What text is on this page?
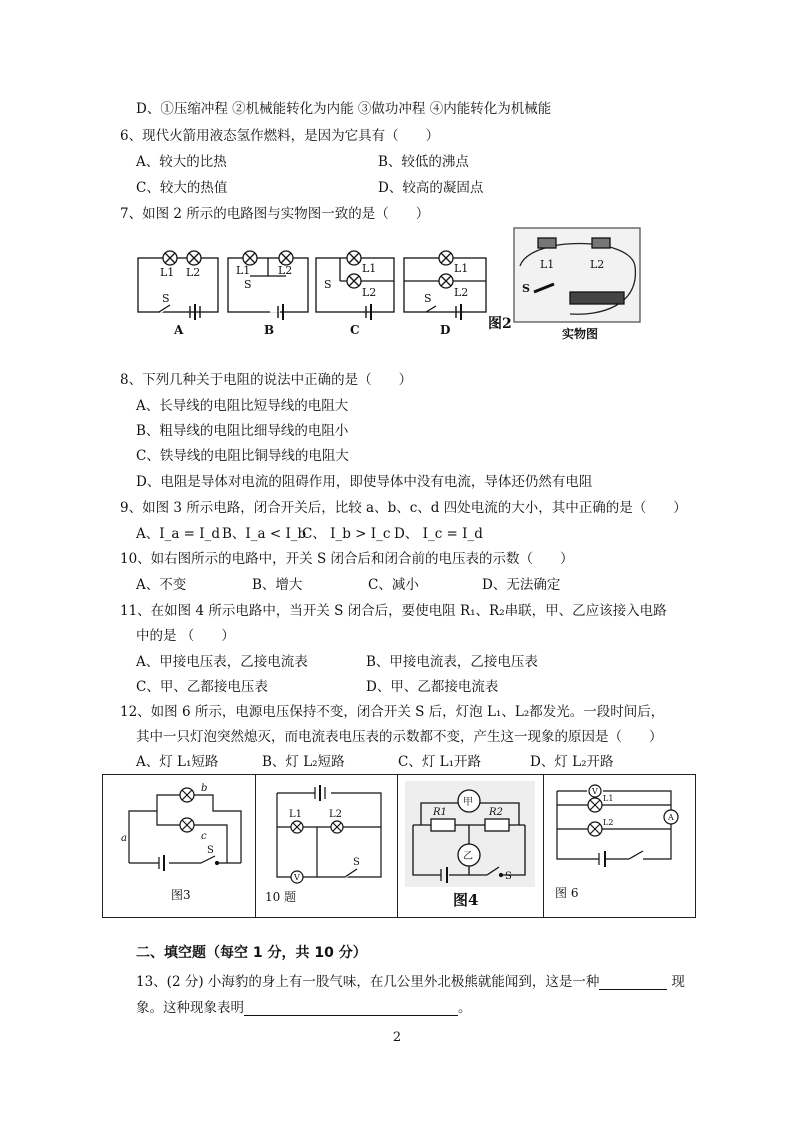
D、①压缩冲程 ②机械能转化为内能 ③做功冲程 ④内能转化为机械能
6、现代火箭用液态氢作燃料，是因为它具有（　　）
A、较大的比热	B、较低的沸点
C、较大的热值	D、较高的凝固点
7、如图 2 所示的电路图与实物图一致的是（　　）
L1 L2
S
L1	L2
S
L1
L2
S
L1
L2
S
L1	L2
S
A	B	C	D	图2
实物图
8、下列几种关于电阻的说法中正确的是（　　）
A、长导线的电阻比短导线的电阻大
B、粗导线的电阻比细导线的电阻小
C、铁导线的电阻比铜导线的电阻大
D、电阻是导体对电流的阻碍作用，即使导体中没有电流，导体还仍然有电阻
9、如图 3 所示电路，闭合开关后，比较 a、b、c、d 四处电流的大小，其中正确的是（　　）
A、I_a = I_d B、I_a < I_b
C、 I_b > I_c D、 I_c = I_d
10、如右图所示的电路中，开关 S 闭合后和闭合前的电压表的示数（　　）
A、不变	B、增大	C、减小	D、无法确定
11、在如图 4 所示电路中，当开关 S 闭合后，要使电阻 R₁、R₂串联，甲、乙应该接入电路
中的是 （　　）
A、甲接电压表，乙接电流表	B、甲接电流表，乙接电压表
C、甲、乙都接电压表	D、甲、乙都接电流表
12、如图 6 所示，电源电压保持不变，闭合开关 S 后，灯泡 L₁、L₂都发光。一段时间后，
其中一只灯泡突然熄灭，而电流表电压表的示数都不变，产生这一现象的原因是（　　）
A、灯 L₁短路	B、灯 L₂短路	C、灯 L₁开路	D、灯 L₂开路
b
c
a
S
图3
V
L1	L2
S
10 题
甲
乙
R1	R2
S
图4
V
A
L1
L2
图 6
二、填空题（每空 1 分，共 10 分）
13、(2 分) 小海豹的身上有一股气味，在几公里外北极熊就能闻到，这是一种	现
象。这种现象表明	。
2
